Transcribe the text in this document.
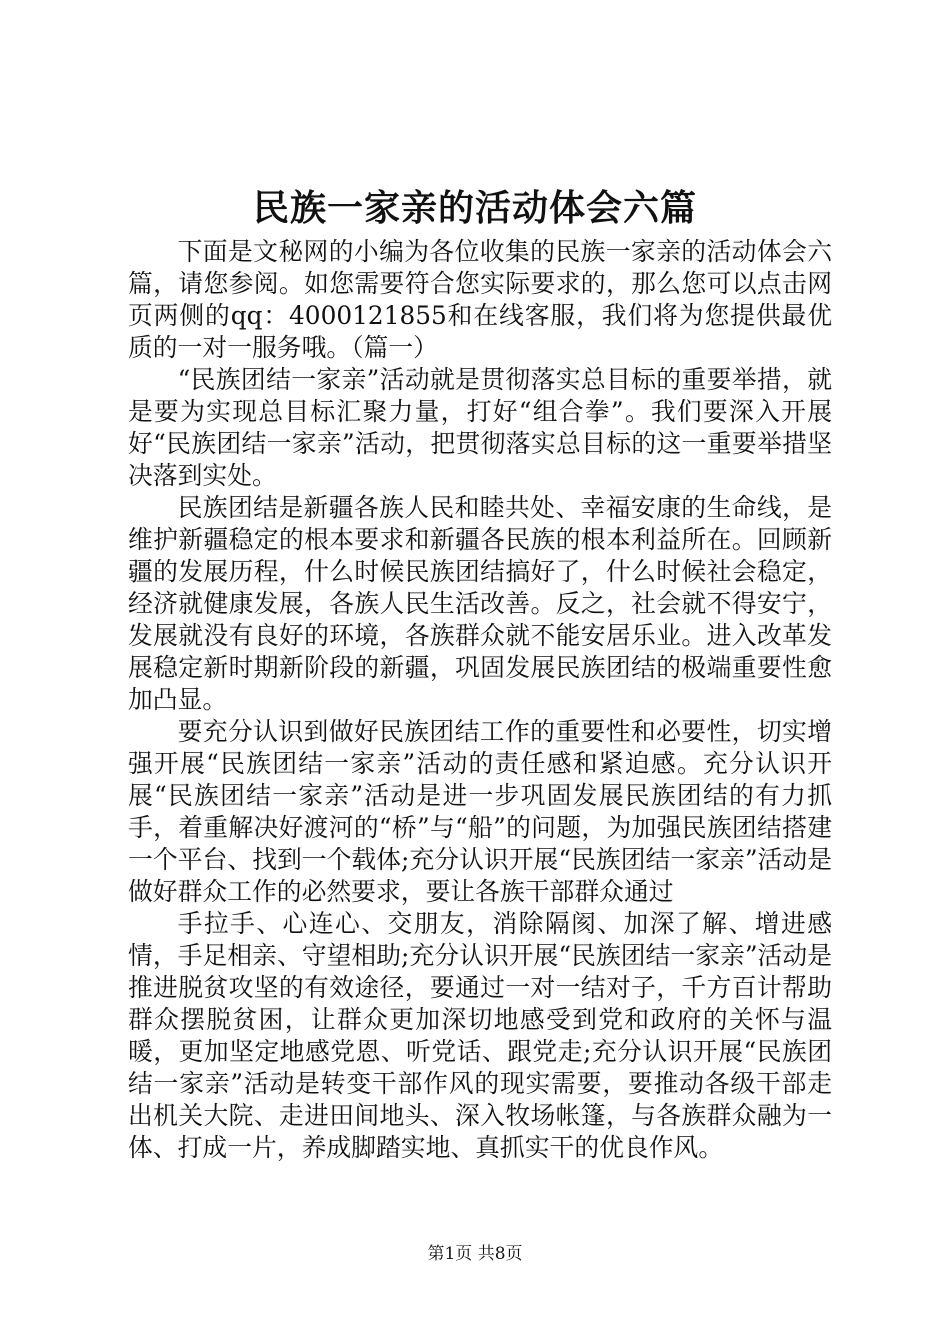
民族一家亲的活动体会六篇

下面是文秘网的小编为各位收集的民族一家亲的活动体会六篇，请您参阅。如您需要符合您实际要求的，那么您可以点击网页两侧的qq：4000121855和在线客服，我们将为您提供最优质的一对一服务哦。（篇一）

“民族团结一家亲”活动就是贯彻落实总目标的重要举措，就是要为实现总目标汇聚力量，打好“组合拳”。我们要深入开展好“民族团结一家亲”活动，把贯彻落实总目标的这一重要举措坚决落到实处。

民族团结是新疆各族人民和睦共处、幸福安康的生命线，是维护新疆稳定的根本要求和新疆各民族的根本利益所在。回顾新疆的发展历程，什么时候民族团结搞好了，什么时候社会稳定，经济就健康发展，各族人民生活改善。反之，社会就不得安宁，发展就没有良好的环境，各族群众就不能安居乐业。进入改革发展稳定新时期新阶段的新疆，巩固发展民族团结的极端重要性愈加凸显。

要充分认识到做好民族团结工作的重要性和必要性，切实增强开展“民族团结一家亲”活动的责任感和紧迫感。充分认识开展“民族团结一家亲”活动是进一步巩固发展民族团结的有力抓手，着重解决好渡河的“桥”与“船”的问题，为加强民族团结搭建一个平台、找到一个载体;充分认识开展“民族团结一家亲”活动是做好群众工作的必然要求，要让各族干部群众通过

手拉手、心连心、交朋友，消除隔阂、加深了解、增进感情，手足相亲、守望相助;充分认识开展“民族团结一家亲”活动是推进脱贫攻坚的有效途径，要通过一对一结对子，千方百计帮助群众摆脱贫困，让群众更加深切地感受到党和政府的关怀与温暖，更加坚定地感党恩、听党话、跟党走;充分认识开展“民族团结一家亲”活动是转变干部作风的现实需要，要推动各级干部走出机关大院、走进田间地头、深入牧场帐篷，与各族群众融为一体、打成一片，养成脚踏实地、真抓实干的优良作风。

第1页 共8页
